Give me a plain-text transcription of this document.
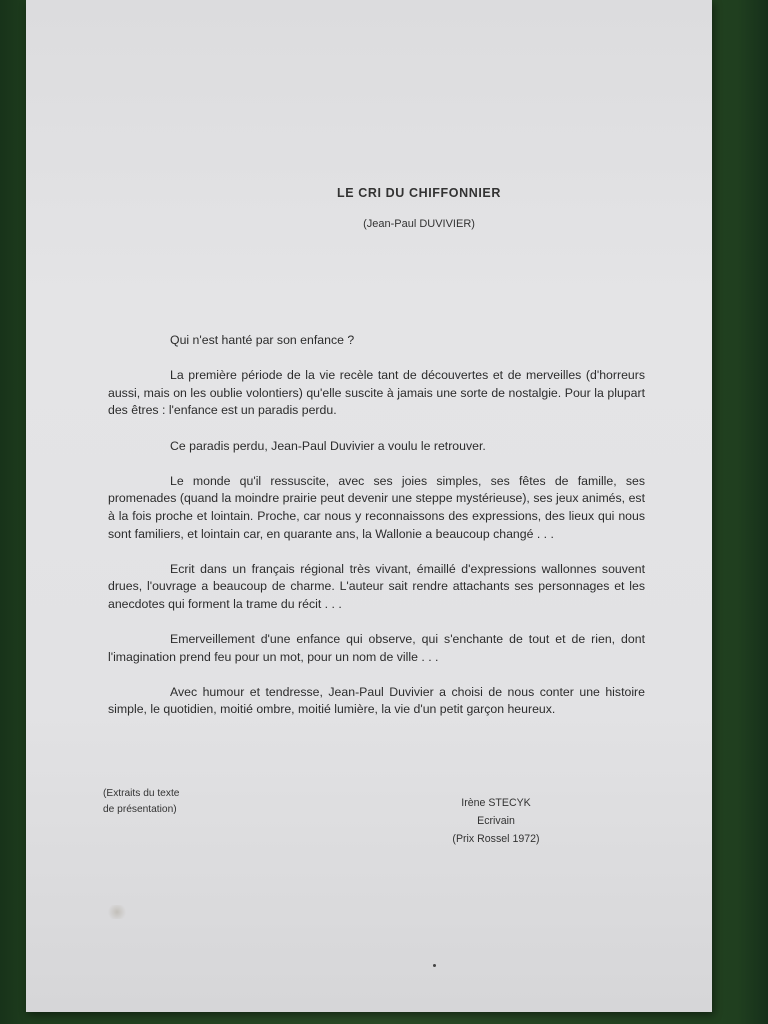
LE CRI DU CHIFFONNIER
(Jean-Paul DUVIVIER)

Qui n'est hanté par son enfance ?

La première période de la vie recèle tant de découvertes et de merveilles (d'horreurs aussi, mais on les oublie volontiers) qu'elle suscite à jamais une sorte de nostalgie. Pour la plupart des êtres : l'enfance est un paradis perdu.

Ce paradis perdu, Jean-Paul Duvivier a voulu le retrouver.

Le monde qu'il ressuscite, avec ses joies simples, ses fêtes de famille, ses promenades (quand la moindre prairie peut devenir une steppe mystérieuse), ses jeux animés, est à la fois proche et lointain. Proche, car nous y reconnaissons des expressions, des lieux qui nous sont familiers, et lointain car, en quarante ans, la Wallonie a beaucoup changé . . .

Ecrit dans un français régional très vivant, émaillé d'expressions wallonnes souvent drues, l'ouvrage a beaucoup de charme. L'auteur sait rendre attachants ses personnages et les anecdotes qui forment la trame du récit . . .

Emerveillement d'une enfance qui observe, qui s'enchante de tout et de rien, dont l'imagination prend feu pour un mot, pour un nom de ville . . .

Avec humour et tendresse, Jean-Paul Duvivier a choisi de nous conter une histoire simple, le quotidien, moitié ombre, moitié lumière, la vie d'un petit garçon heureux.

(Extraits du texte
de présentation)
Irène STECYK
Ecrivain
(Prix Rossel 1972)
